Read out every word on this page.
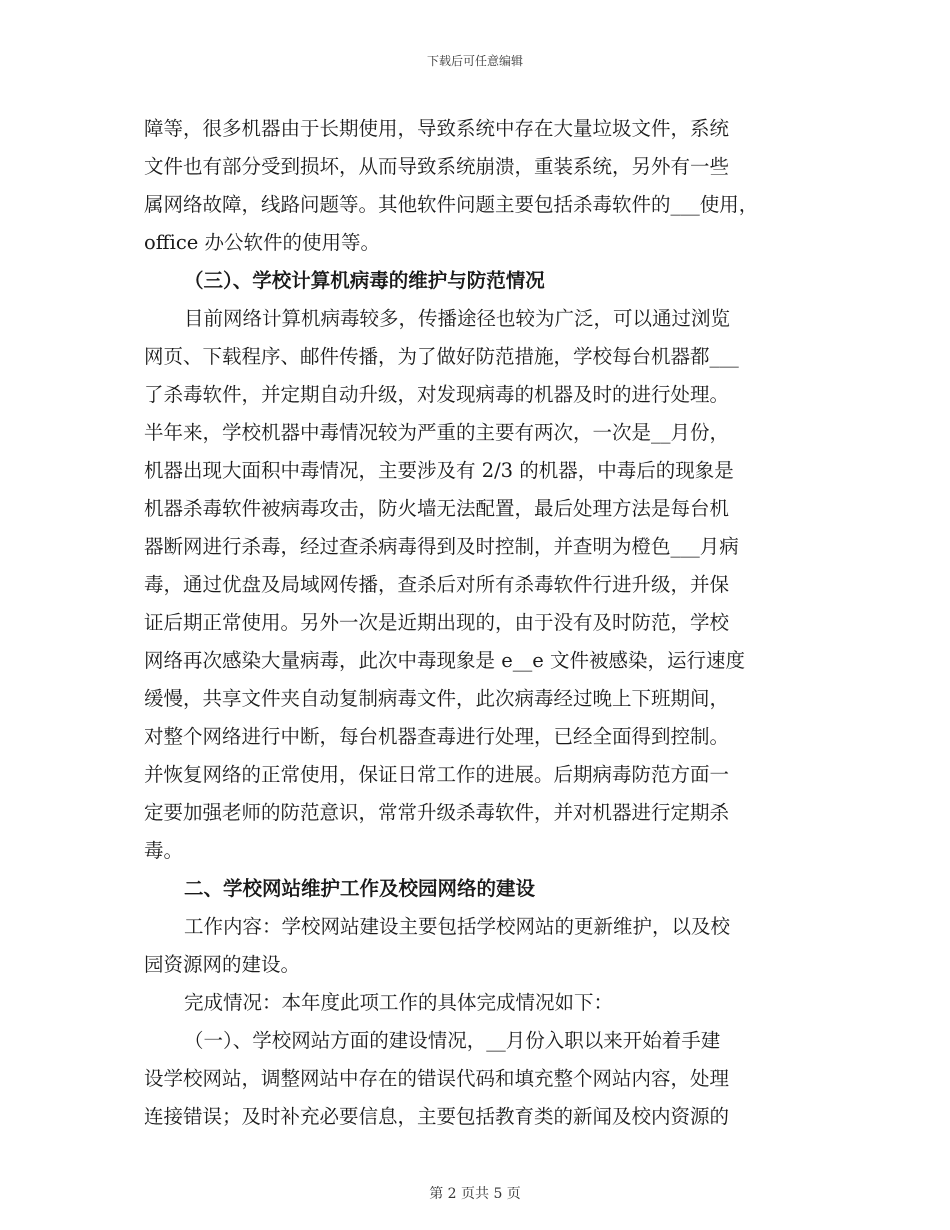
下载后可任意编辑
障等，很多机器由于长期使用，导致系统中存在大量垃圾文件，系统
文件也有部分受到损坏，从而导致系统崩溃，重装系统，另外有一些
属网络故障，线路问题等。其他软件问题主要包括杀毒软件的___使用，
office 办公软件的使用等。
（三）、学校计算机病毒的维护与防范情况
目前网络计算机病毒较多，传播途径也较为广泛，可以通过浏览
网页、下载程序、邮件传播，为了做好防范措施，学校每台机器都___
了杀毒软件，并定期自动升级，对发现病毒的机器及时的进行处理。
半年来，学校机器中毒情况较为严重的主要有两次，一次是__月份，
机器出现大面积中毒情况，主要涉及有 2/3 的机器，中毒后的现象是
机器杀毒软件被病毒攻击，防火墙无法配置，最后处理方法是每台机
器断网进行杀毒，经过查杀病毒得到及时控制，并查明为橙色___月病
毒，通过优盘及局域网传播，查杀后对所有杀毒软件行进升级，并保
证后期正常使用。另外一次是近期出现的，由于没有及时防范，学校
网络再次感染大量病毒，此次中毒现象是 e__e 文件被感染，运行速度
缓慢，共享文件夹自动复制病毒文件，此次病毒经过晚上下班期间，
对整个网络进行中断，每台机器查毒进行处理，已经全面得到控制。
并恢复网络的正常使用，保证日常工作的进展。后期病毒防范方面一
定要加强老师的防范意识，常常升级杀毒软件，并对机器进行定期杀
毒。
二、学校网站维护工作及校园网络的建设
工作内容：学校网站建设主要包括学校网站的更新维护，以及校
园资源网的建设。
完成情况：本年度此项工作的具体完成情况如下：
（一）、学校网站方面的建设情况，__月份入职以来开始着手建
设学校网站，调整网站中存在的错误代码和填充整个网站内容，处理
连接错误；及时补充必要信息，主要包括教育类的新闻及校内资源的
第 2 页共 5 页
